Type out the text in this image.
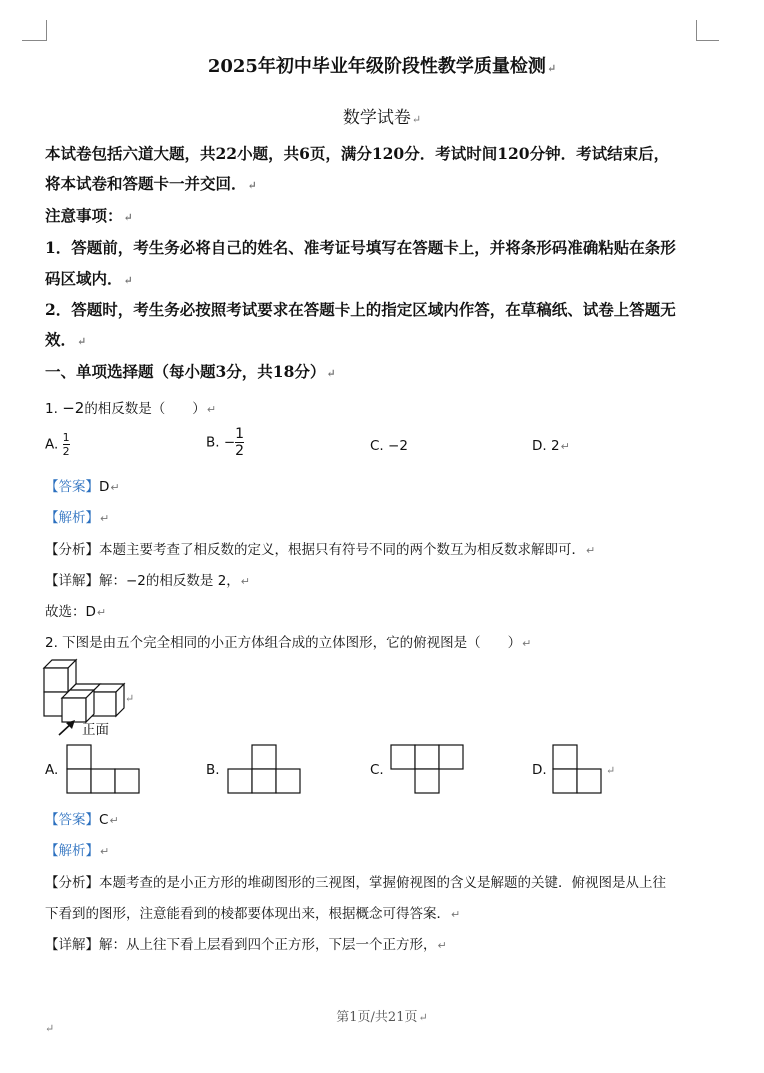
2025年初中毕业年级阶段性教学质量检测↵
数学试卷↵
本试卷包括六道大题，共22小题，共6页，满分120分．考试时间120分钟．考试结束后，
将本试卷和答题卡一并交回．↵
注意事项：↵
1．答题前，考生务必将自己的姓名、准考证号填写在答题卡上，并将条形码准确粘贴在条形
码区域内．↵
2．答题时，考生务必按照考试要求在答题卡上的指定区域内作答，在草稿纸、试卷上答题无
效．↵
一、单项选择题（每小题3分，共18分）↵
1. −2的相反数是（　　）↵
A. $\frac{1}{2}$	B. − $\frac{1}{2}$	C. −2	D. 2↵
【答案】D↵
【解析】↵
【分析】本题主要考查了相反数的定义，根据只有符号不同的两个数互为相反数求解即可．↵
【详解】解：−2的相反数是 2，↵
故选：D↵
2. 下图是由五个完全相同的小正方体组合成的立体图形，它的俯视图是（　　）↵
↵
正面
A.	B.	C.	D.	↵
【答案】C↵
【解析】↵
【分析】本题考查的是小正方形的堆砌图形的三视图，掌握俯视图的含义是解题的关键．俯视图是从上往
下看到的图形，注意能看到的棱都要体现出来，根据概念可得答案．↵
【详解】解：从上往下看上层看到四个正方形，下层一个正方形，↵
第1页/共21页↵
↵
